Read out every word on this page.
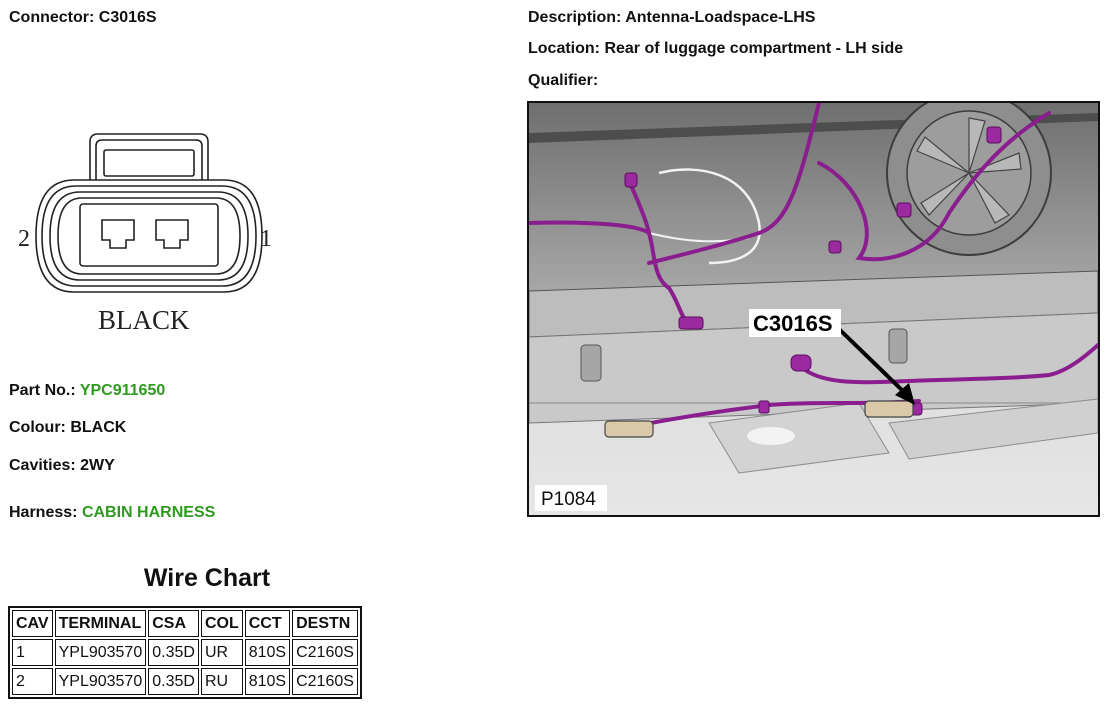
Connector: C3016S
2	1
BLACK
Part No.: YPC911650
Colour: BLACK
Cavities: 2WY
Harness: CABIN HARNESS
Description: Antenna-Loadspace-LHS
Location: Rear of luggage compartment - LH side
Qualifier:
C3016S
P1084
Wire Chart
CAV	TERMINAL	CSA	COL	CCT	DESTN
1	YPL903570	0.35D	UR	810S	C2160S
2	YPL903570	0.35D	RU	810S	C2160S
